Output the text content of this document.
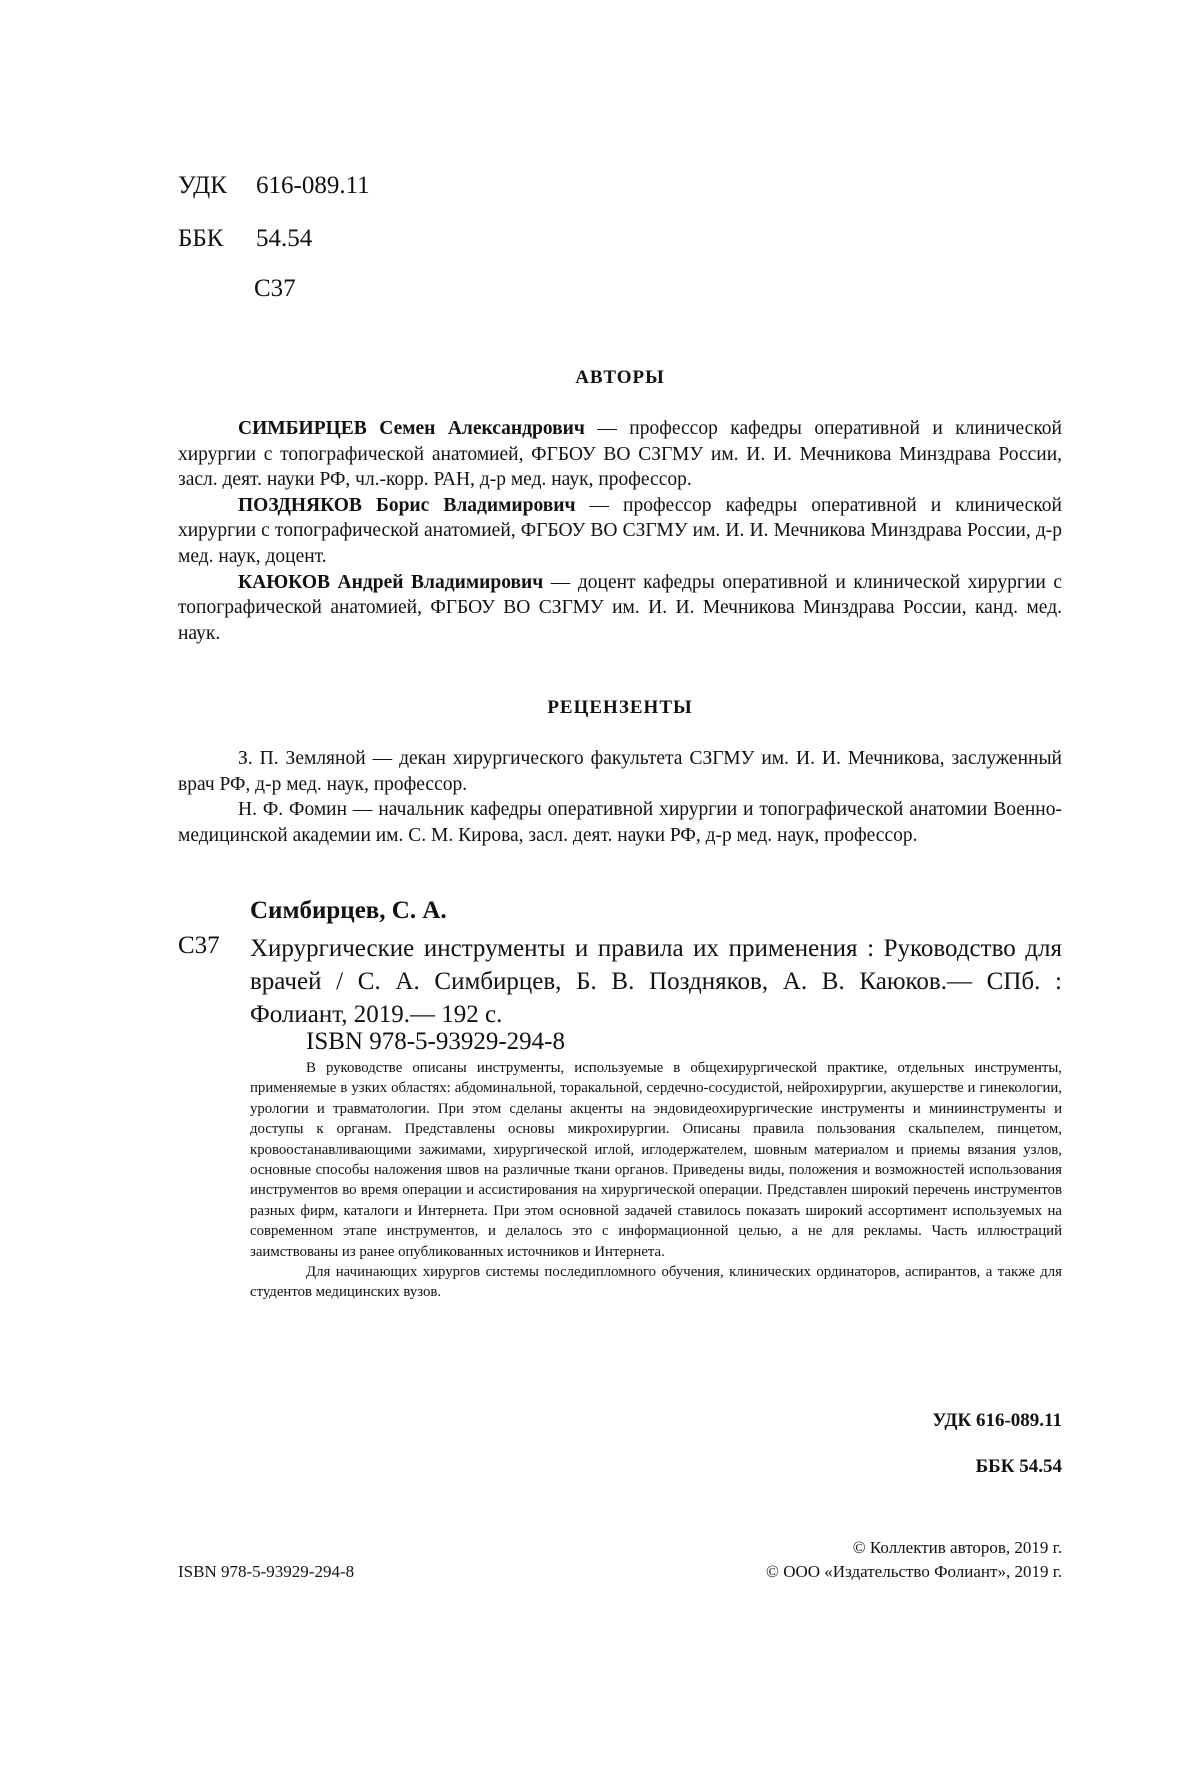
УДК 616-089.11
ББК 54.54
С37
АВТОРЫ

СИМБИРЦЕВ Семен Александрович — профессор кафедры оперативной и клинической хирургии с топографической анатомией, ФГБОУ ВО СЗГМУ им. И. И. Мечникова Минздрава России, засл. деят. науки РФ, чл.-корр. РАН, д-р мед. наук, профессор.

ПОЗДНЯКОВ Борис Владимирович — профессор кафедры оперативной и клинической хирургии с топографической анатомией, ФГБОУ ВО СЗГМУ им. И. И. Мечникова Минздрава России, д-р мед. наук, доцент.

КАЮКОВ Андрей Владимирович — доцент кафедры оперативной и клинической хирургии с топографической анатомией, ФГБОУ ВО СЗГМУ им. И. И. Мечникова Минздрава России, канд. мед. наук.

РЕЦЕНЗЕНТЫ

З. П. Земляной — декан хирургического факультета СЗГМУ им. И. И. Мечникова, заслуженный врач РФ, д-р мед. наук, профессор.

Н. Ф. Фомин — начальник кафедры оперативной хирургии и топографической анатомии Военно-медицинской академии им. С. М. Кирова, засл. деят. науки РФ, д-р мед. наук, профессор.

Симбирцев, С. А.
С37 Хирургические инструменты и правила их применения : Руководство для врачей / С. А. Симбирцев, Б. В. Поздняков, А. В. Каюков.— СПб. : Фолиант, 2019.— 192 с.

ISBN 978-5-93929-294-8

В руководстве описаны инструменты, используемые в общехирургической практике, отдельных инструменты, применяемые в узких областях: абдоминальной, торакальной, сердечно-сосудистой, нейрохирургии, акушерстве и гинекологии, урологии и травматологии. При этом сделаны акценты на эндовидеохирургические инструменты и миниинструменты и доступы к органам. Представлены основы микрохирургии. Описаны правила пользования скальпелем, пинцетом, кровоостанавливающими зажимами, хирургической иглой, иглодержателем, шовным материалом и приемы вязания узлов, основные способы наложения швов на различные ткани органов. Приведены виды, положения и возможностей использования инструментов во время операции и ассистирования на хирургической операции. Представлен широкий перечень инструментов разных фирм, каталоги и Интернета. При этом основной задачей ставилось показать широкий ассортимент используемых на современном этапе инструментов, и делалось это с информационной целью, а не для рекламы. Часть иллюстраций заимствованы из ранее опубликованных источников и Интернета.

Для начинающих хирургов системы последипломного обучения, клинических ординаторов, аспирантов, а также для студентов медицинских вузов.

УДК 616-089.11
ББК 54.54
© Коллектив авторов, 2019 г.
© ООО «Издательство Фолиант», 2019 г.
ISBN 978-5-93929-294-8
